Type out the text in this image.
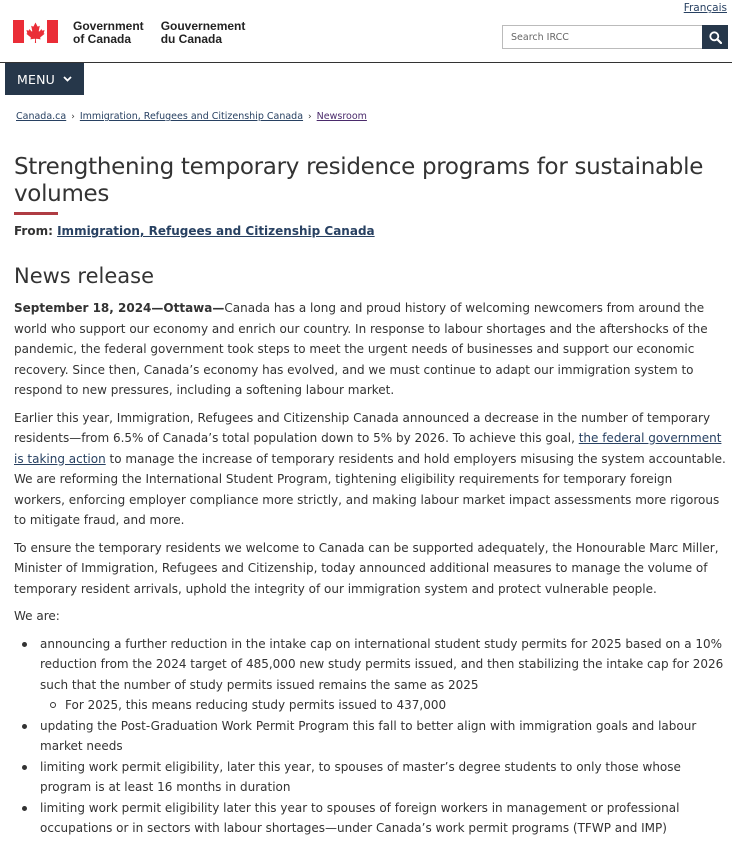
Français
Government
of Canada
Gouvernement
du Canada
Search IRCC
MENU
Canada.ca › Immigration, Refugees and Citizenship Canada › Newsroom
Strengthening temporary residence programs for sustainable volumes
From: Immigration, Refugees and Citizenship Canada
News release

September 18, 2024—Ottawa—Canada has a long and proud history of welcoming newcomers from around the world who support our economy and enrich our country. In response to labour shortages and the aftershocks of the pandemic, the federal government took steps to meet the urgent needs of businesses and support our economic recovery. Since then, Canada’s economy has evolved, and we must continue to adapt our immigration system to respond to new pressures, including a softening labour market.

Earlier this year, Immigration, Refugees and Citizenship Canada announced a decrease in the number of temporary residents—from 6.5% of Canada’s total population down to 5% by 2026. To achieve this goal, the federal government is taking action to manage the increase of temporary residents and hold employers misusing the system accountable. We are reforming the International Student Program, tightening eligibility requirements for temporary foreign workers, enforcing employer compliance more strictly, and making labour market impact assessments more rigorous to mitigate fraud, and more.

To ensure the temporary residents we welcome to Canada can be supported adequately, the Honourable Marc Miller, Minister of Immigration, Refugees and Citizenship, today announced additional measures to manage the volume of temporary resident arrivals, uphold the integrity of our immigration system and protect vulnerable people.

We are:

announcing a further reduction in the intake cap on international student study permits for 2025 based on a 10% reduction from the 2024 target of 485,000 new study permits issued, and then stabilizing the intake cap for 2026 such that the number of study permits issued remains the same as 2025
For 2025, this means reducing study permits issued to 437,000
updating the Post-Graduation Work Permit Program this fall to better align with immigration goals and labour market needs
limiting work permit eligibility, later this year, to spouses of master’s degree students to only those whose program is at least 16 months in duration
limiting work permit eligibility later this year to spouses of foreign workers in management or professional occupations or in sectors with labour shortages—under Canada’s work permit programs (TFWP and IMP)
